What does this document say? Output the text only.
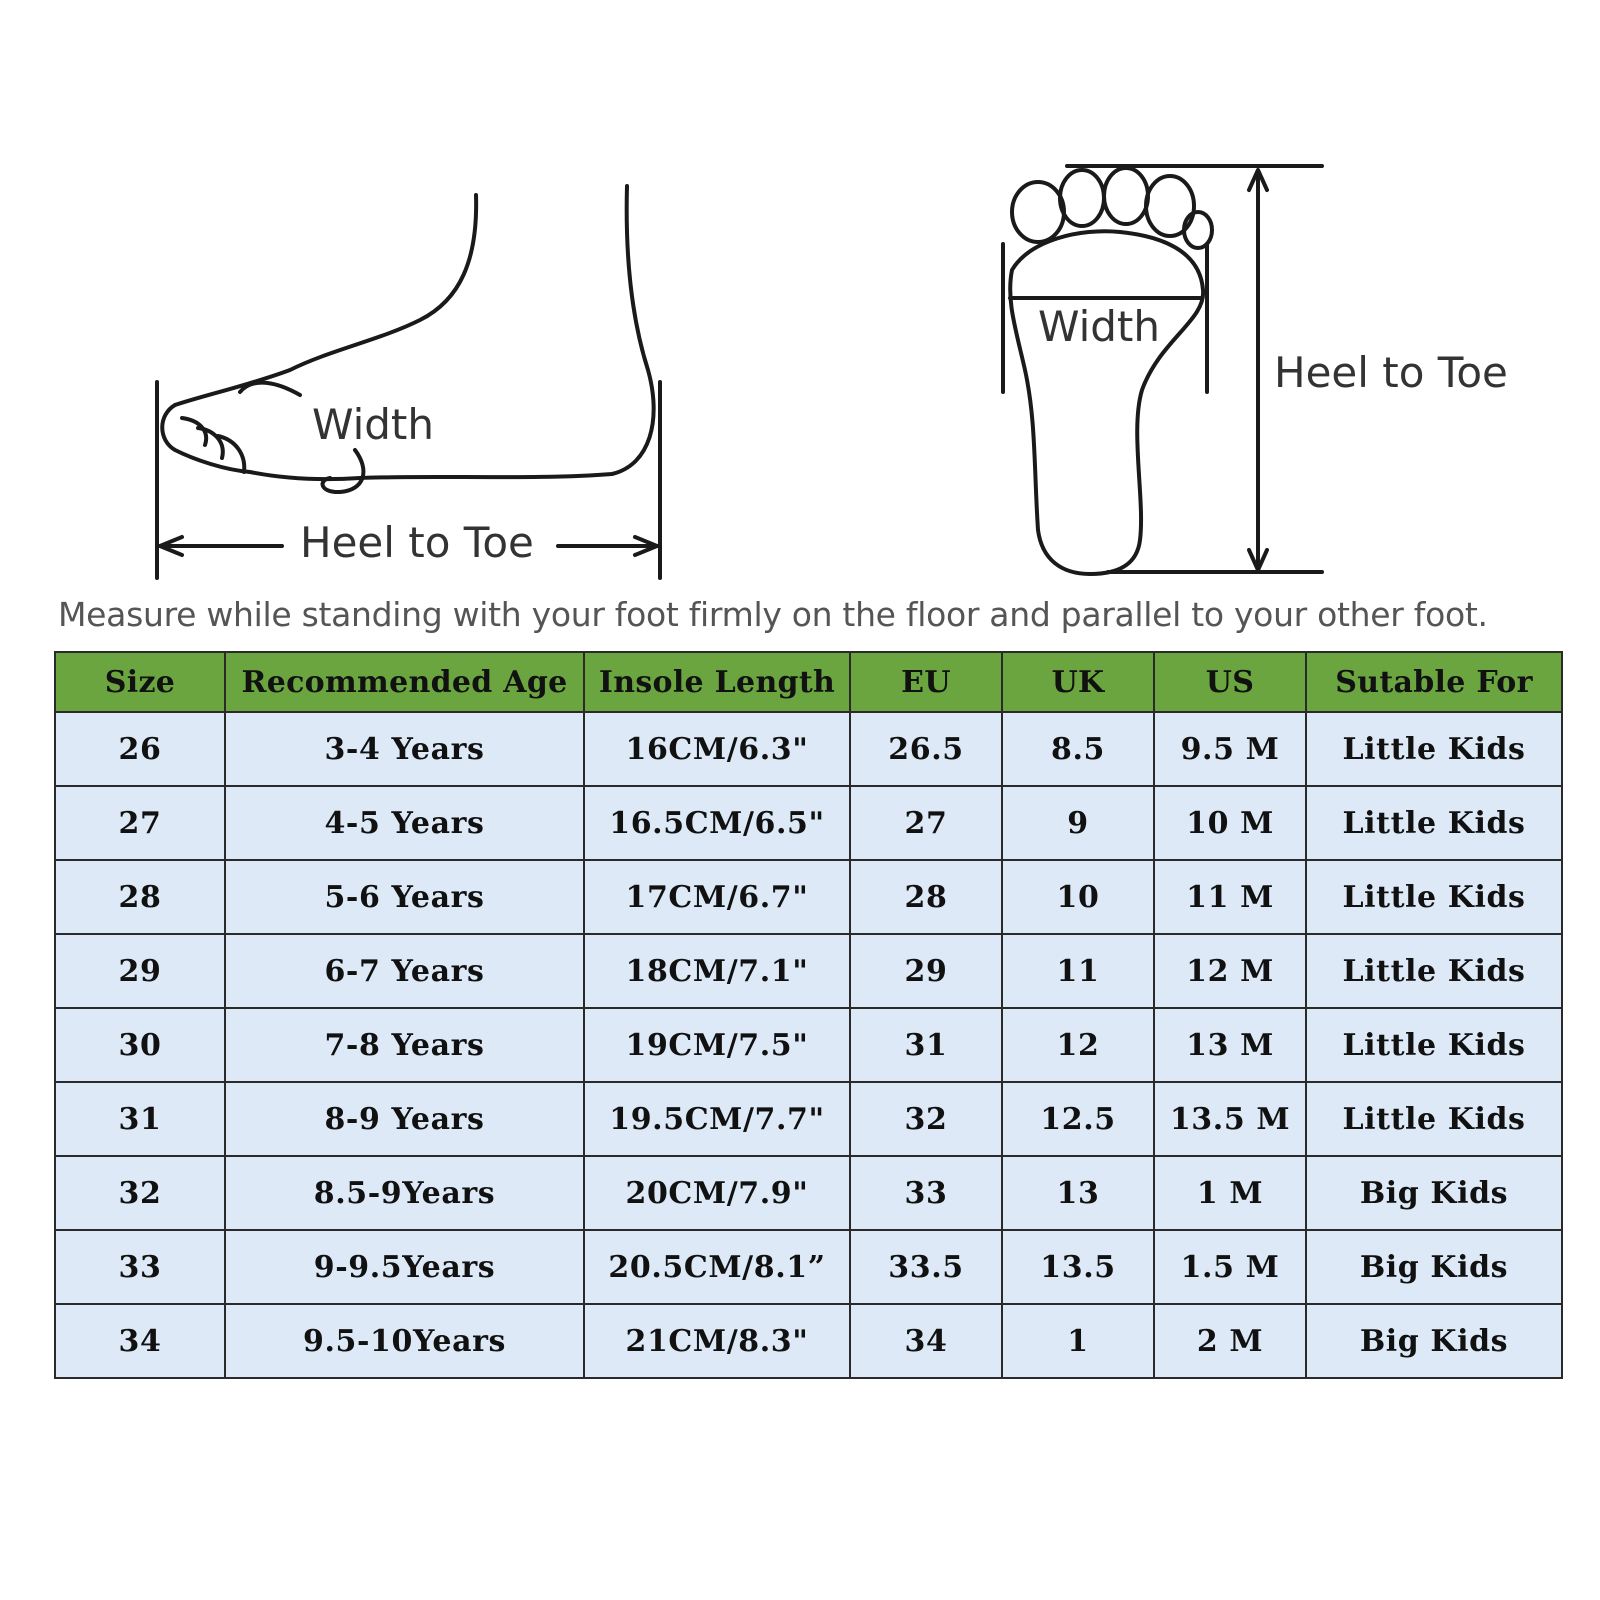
Width
Heel to Toe
Width
Heel to Toe
Measure while standing with your foot firmly on the floor and parallel to your other foot.
Size	Recommended Age	Insole Length	EU	UK	US	Sutable For
26	3-4 Years	16CM/6.3"	26.5	8.5	9.5 M	Little Kids
27	4-5 Years	16.5CM/6.5"	27	9	10 M	Little Kids
28	5-6 Years	17CM/6.7"	28	10	11 M	Little Kids
29	6-7 Years	18CM/7.1"	29	11	12 M	Little Kids
30	7-8 Years	19CM/7.5"	31	12	13 M	Little Kids
31	8-9 Years	19.5CM/7.7"	32	12.5	13.5 M	Little Kids
32	8.5-9Years	20CM/7.9"	33	13	1 M	Big Kids
33	9-9.5Years	20.5CM/8.1”	33.5	13.5	1.5 M	Big Kids
34	9.5-10Years	21CM/8.3"	34	1	2 M	Big Kids
